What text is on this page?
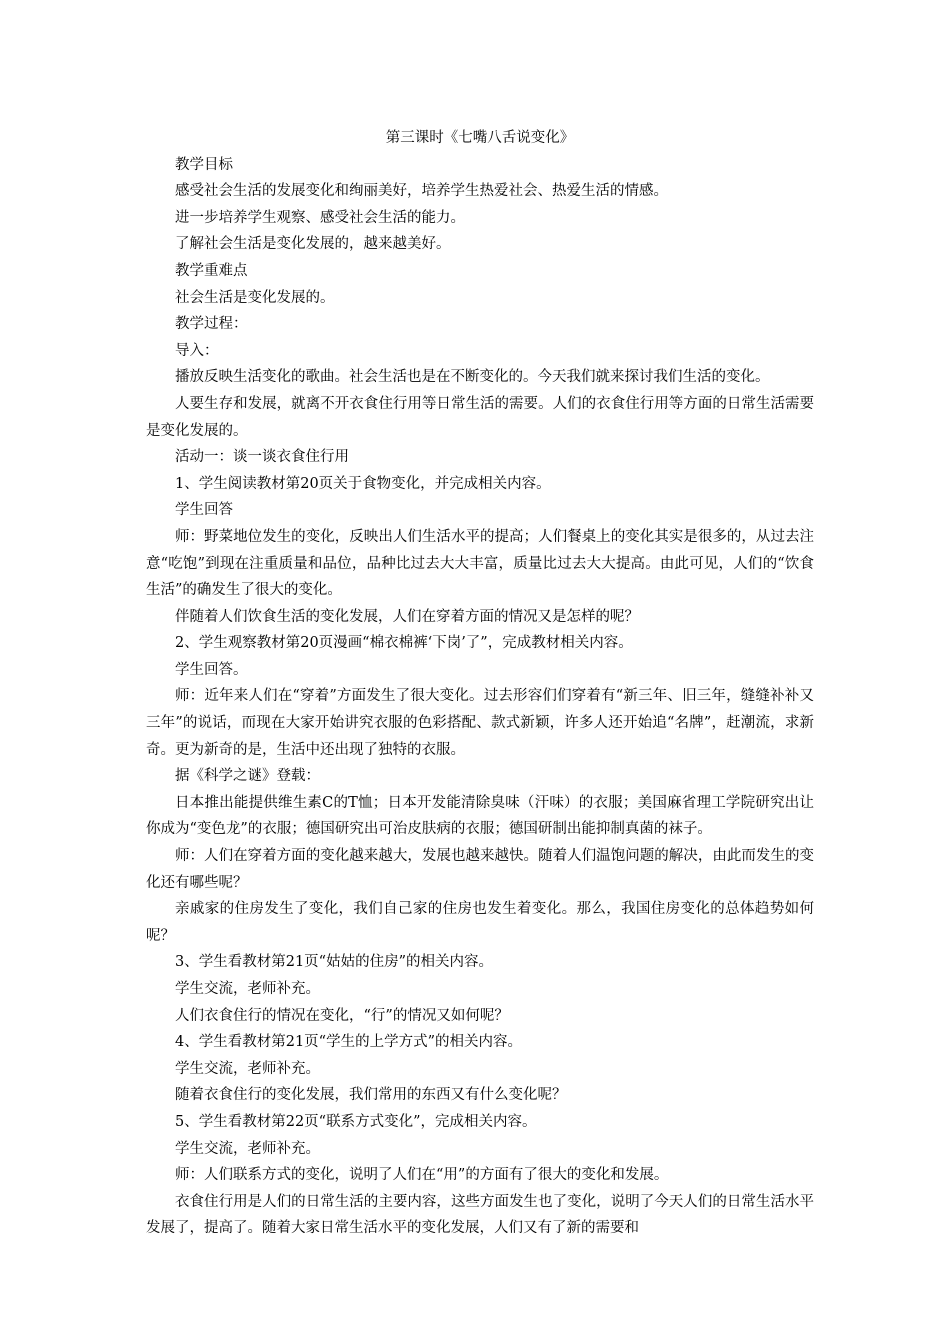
第三课时《七嘴八舌说变化》

教学目标

感受社会生活的发展变化和绚丽美好，培养学生热爱社会、热爱生活的情感。

进一步培养学生观察、感受社会生活的能力。

了解社会生活是变化发展的，越来越美好。

教学重难点

社会生活是变化发展的。

教学过程：

导入：

播放反映生活变化的歌曲。社会生活也是在不断变化的。今天我们就来探讨我们生活的变化。

人要生存和发展，就离不开衣食住行用等日常生活的需要。人们的衣食住行用等方面的日常生活需要是变化发展的。

活动一：谈一谈衣食住行用

1、学生阅读教材第20页关于食物变化，并完成相关内容。

学生回答

师：野菜地位发生的变化，反映出人们生活水平的提高；人们餐桌上的变化其实是很多的，从过去注意“吃饱”到现在注重质量和品位，品种比过去大大丰富，质量比过去大大提高。由此可见，人们的“饮食生活”的确发生了很大的变化。

伴随着人们饮食生活的变化发展，人们在穿着方面的情况又是怎样的呢？

2、学生观察教材第20页漫画“棉衣棉裤‘下岗’了”，完成教材相关内容。

学生回答。

师：近年来人们在“穿着”方面发生了很大变化。过去形容们们穿着有“新三年、旧三年，缝缝补补又三年”的说话，而现在大家开始讲究衣服的色彩搭配、款式新颖，许多人还开始追“名牌”，赶潮流，求新奇。更为新奇的是，生活中还出现了独特的衣服。

据《科学之谜》登载：

日本推出能提供维生素C的T恤；日本开发能清除臭味（汗味）的衣服；美国麻省理工学院研究出让你成为“变色龙”的衣服；德国研究出可治皮肤病的衣服；德国研制出能抑制真菌的袜子。

师：人们在穿着方面的变化越来越大，发展也越来越快。随着人们温饱问题的解决，由此而发生的变化还有哪些呢？

亲戚家的住房发生了变化，我们自己家的住房也发生着变化。那么，我国住房变化的总体趋势如何呢？

3、学生看教材第21页“姑姑的住房”的相关内容。

学生交流，老师补充。

人们衣食住行的情况在变化，“行”的情况又如何呢？

4、学生看教材第21页“学生的上学方式”的相关内容。

学生交流，老师补充。

随着衣食住行的变化发展，我们常用的东西又有什么变化呢？

5、学生看教材第22页“联系方式变化”，完成相关内容。

学生交流，老师补充。

师：人们联系方式的变化，说明了人们在“用”的方面有了很大的变化和发展。

衣食住行用是人们的日常生活的主要内容，这些方面发生也了变化，说明了今天人们的日常生活水平发展了，提高了。随着大家日常生活水平的变化发展，人们又有了新的需要和
